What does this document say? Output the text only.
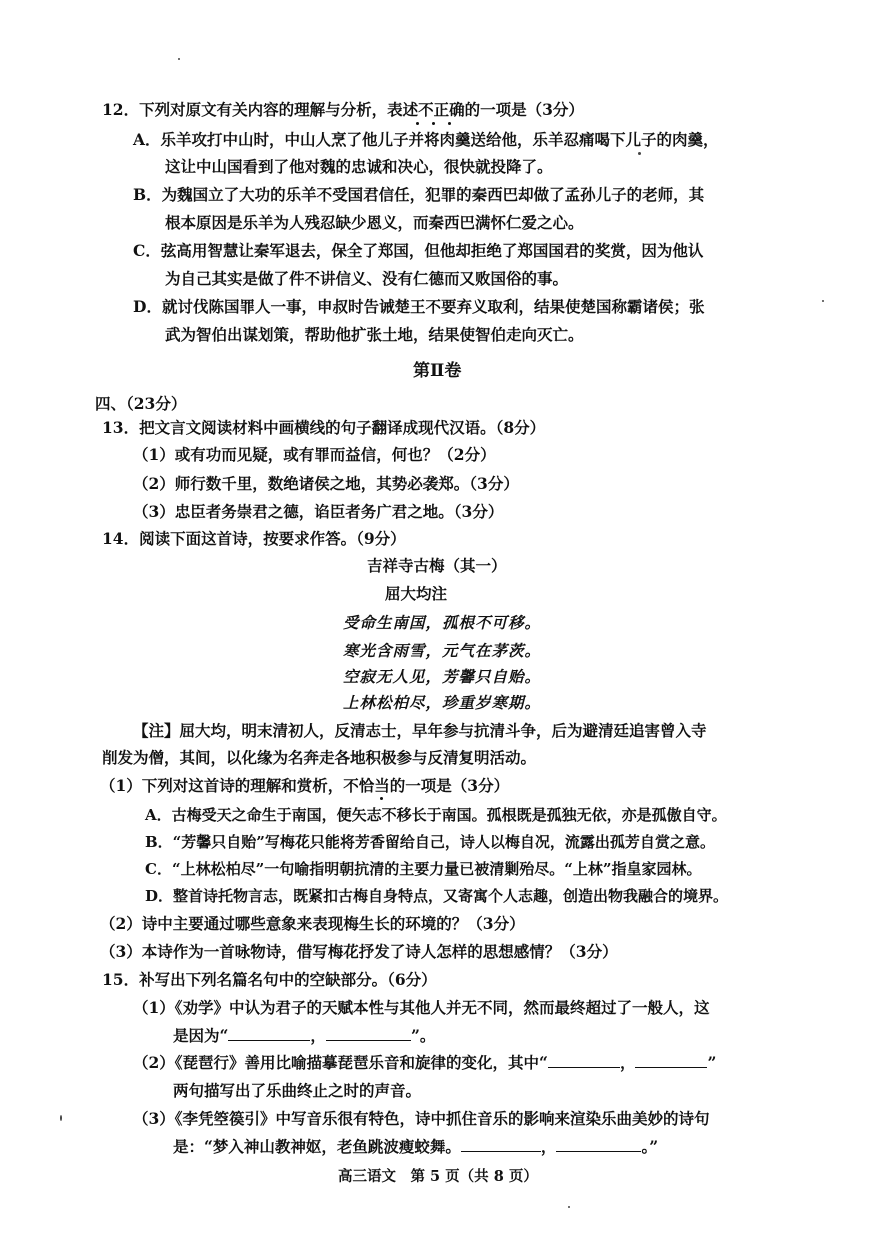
12．下列对原文有关内容的理解与分析，表述不正确的一项是（3分）
A．乐羊攻打中山时，中山人烹了他儿子并将肉羹送给他，乐羊忍痛喝下儿子的肉羹，
这让中山国看到了他对魏的忠诚和决心，很快就投降了。
B．为魏国立了大功的乐羊不受国君信任，犯罪的秦西巴却做了孟孙儿子的老师，其
根本原因是乐羊为人残忍缺少恩义，而秦西巴满怀仁爱之心。
C．弦高用智慧让秦军退去，保全了郑国，但他却拒绝了郑国国君的奖赏，因为他认
为自己其实是做了件不讲信义、没有仁德而又败国俗的事。
D．就讨伐陈国罪人一事，申叔时告诫楚王不要弃义取利，结果使楚国称霸诸侯；张
武为智伯出谋划策，帮助他扩张土地，结果使智伯走向灭亡。
第Ⅱ卷
四、（23分）
13．把文言文阅读材料中画横线的句子翻译成现代汉语。（8分）
（1）或有功而见疑，或有罪而益信，何也？（2分）
（2）师行数千里，数绝诸侯之地，其势必袭郑。（3分）
（3）忠臣者务崇君之德，谄臣者务广君之地。（3分）
14．阅读下面这首诗，按要求作答。（9分）
吉祥寺古梅（其一）
屈大均注
受命生南国，孤根不可移。
寒光含雨雪，元气在茅茨。
空寂无人见，芳馨只自贻。
上林松柏尽，珍重岁寒期。
【注】屈大均，明末清初人，反清志士，早年参与抗清斗争，后为避清廷追害曾入寺
削发为僧，其间，以化缘为名奔走各地积极参与反清复明活动。
（1）下列对这首诗的理解和赏析，不恰当的一项是（3分）
A．古梅受天之命生于南国，便矢志不移长于南国。孤根既是孤独无依，亦是孤傲自守。
B．“芳馨只自贻”写梅花只能将芳香留给自己，诗人以梅自况，流露出孤芳自赏之意。
C．“上林松柏尽”一句喻指明朝抗清的主要力量已被清剿殆尽。“上林”指皇家园林。
D．整首诗托物言志，既紧扣古梅自身特点，又寄寓个人志趣，创造出物我融合的境界。
（2）诗中主要通过哪些意象来表现梅生长的环境的？（3分）
（3）本诗作为一首咏物诗，借写梅花抒发了诗人怎样的思想感情？（3分）
15．补写出下列名篇名句中的空缺部分。（6分）
（1）《劝学》中认为君子的天赋本性与其他人并无不同，然而最终超过了一般人，这
是因为“	，	”。
（2）《琵琶行》善用比喻描摹琵琶乐音和旋律的变化，其中“	，	”
两句描写出了乐曲终止之时的声音。
（3）《李凭箜篌引》中写音乐很有特色，诗中抓住音乐的影响来渲染乐曲美妙的诗句
是：“梦入神山教神妪，老鱼跳波瘦蛟舞。	，	。”
高三语文　第 5 页（共 8 页）
